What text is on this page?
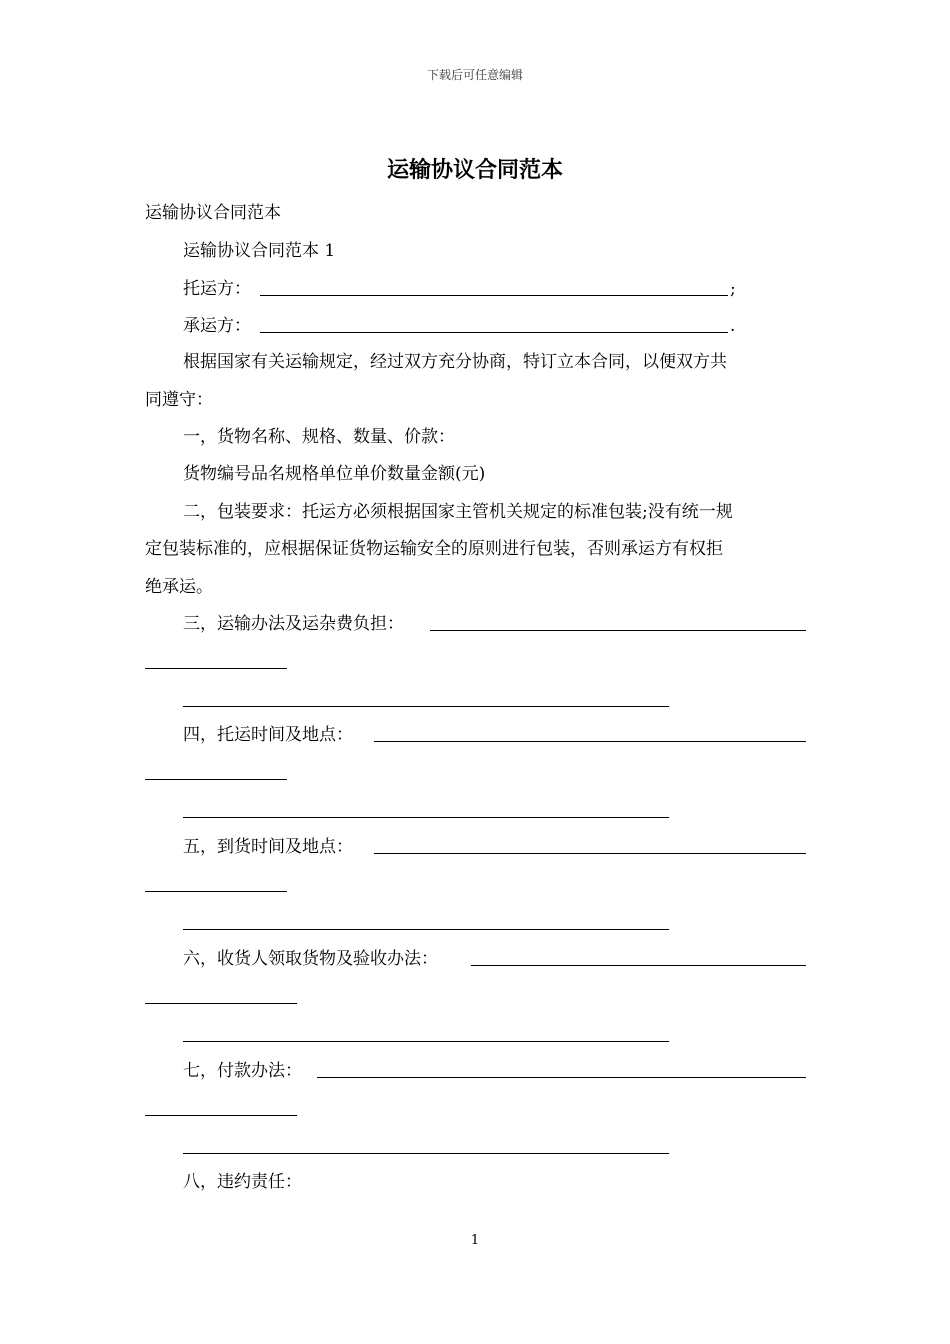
下载后可任意编辑
运输协议合同范本
运输协议合同范本
运输协议合同范本 1
托运方：	;
承运方：	.
根据国家有关运输规定，经过双方充分协商，特订立本合同，以便双方共
同遵守：
一，货物名称、规格、数量、价款：
货物编号品名规格单位单价数量金额(元)
二，包装要求：托运方必须根据国家主管机关规定的标准包装;没有统一规
定包装标准的，应根据保证货物运输安全的原则进行包装，否则承运方有权拒
绝承运。
三，运输办法及运杂费负担：
四，托运时间及地点：
五，到货时间及地点：
六，收货人领取货物及验收办法：
七，付款办法：
八，违约责任：
1
